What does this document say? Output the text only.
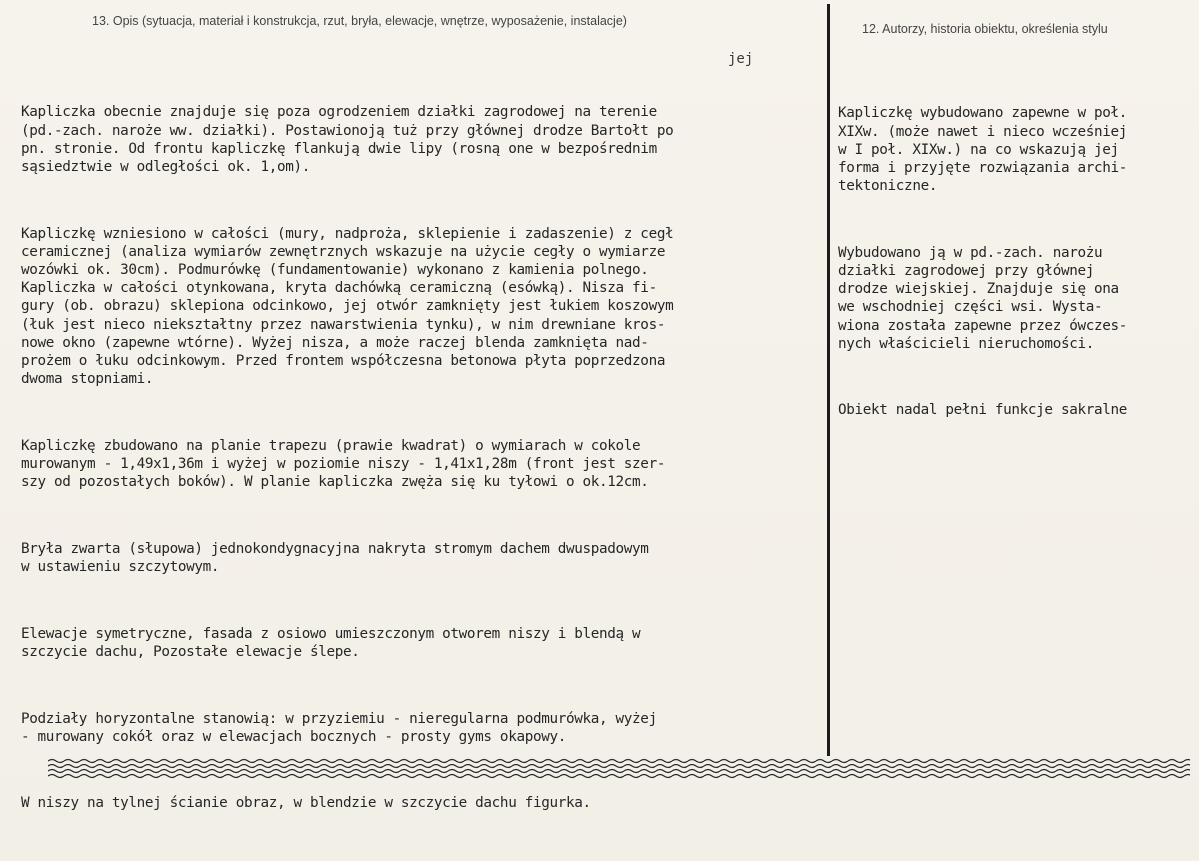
13. Opis (sytuacja, materiał i konstrukcja, rzut, bryła, elewacje, wnętrze, wyposażenie, instalacje)
12. Autorzy, historia obiektu, określenia stylu
jej

Kapliczka obecnie znajduje się poza ogrodzeniem działki zagrodowej na terenie
(pd.-zach. naroże ww. działki). Postawionoją tuż przy głównej drodze Bartołt po
pn. stronie. Od frontu kapliczkę flankują dwie lipy (rosną one w bezpośrednim
sąsiedztwie w odległości ok. 1,om).

Kapliczkę wzniesiono w całości (mury, nadproża, sklepienie i zadaszenie) z cegł
ceramicznej (analiza wymiarów zewnętrznych wskazuje na użycie cegły o wymiarze
wozówki ok. 30cm). Podmurówkę (fundamentowanie) wykonano z kamienia polnego.
Kapliczka w całości otynkowana, kryta dachówką ceramiczną (esówką). Nisza fi-
gury (ob. obrazu) sklepiona odcinkowo, jej otwór zamknięty jest łukiem koszowym
(łuk jest nieco niekształtny przez nawarstwienia tynku), w nim drewniane kros-
nowe okno (zapewne wtórne). Wyżej nisza, a może raczej blenda zamknięta nad-
prożem o łuku odcinkowym. Przed frontem współczesna betonowa płyta poprzedzona
dwoma stopniami.

Kapliczkę zbudowano na planie trapezu (prawie kwadrat) o wymiarach w cokole
murowanym - 1,49x1,36m i wyżej w poziomie niszy - 1,41x1,28m (front jest szer-
szy od pozostałych boków). W planie kapliczka zwęża się ku tyłowi o ok.12cm.

Bryła zwarta (słupowa) jednokondygnacyjna nakryta stromym dachem dwuspadowym
w ustawieniu szczytowym.

Elewacje symetryczne, fasada z osiowo umieszczonym otworem niszy i blendą w
szczycie dachu, Pozostałe elewacje ślepe.

Podziały horyzontalne stanowią: w przyziemiu - nieregularna podmurówka, wyżej
- murowany cokół oraz w elewacjach bocznych - prosty gyms okapowy.

W niszy na tylnej ścianie obraz, w blendzie w szczycie dachu figurka.

Kapliczkę wybudowano zapewne w poł.
XIXw. (może nawet i nieco wcześniej
w I poł. XIXw.) na co wskazują jej
forma i przyjęte rozwiązania archi-
tektoniczne.

Wybudowano ją w pd.-zach. narożu
działki zagrodowej przy głównej
drodze wiejskiej. Znajduje się ona
we wschodniej części wsi. Wysta-
wiona została zapewne przez ówczes-
nych właścicieli nieruchomości.

Obiekt nadal pełni funkcje sakralne
